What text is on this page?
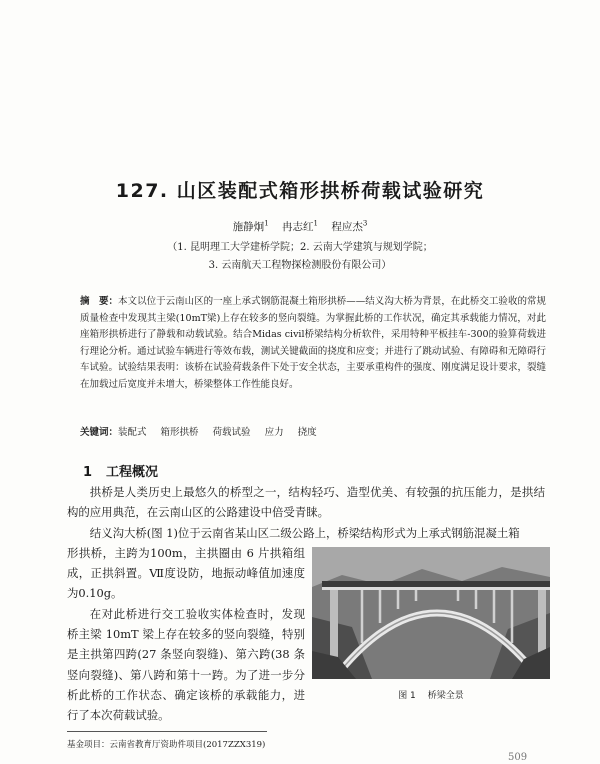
127. 山区装配式箱形拱桥荷载试验研究
施静炯$^1$ 冉志红$^1$ 程应杰$^3$
（1. 昆明理工大学建桥学院；2. 云南大学建筑与规划学院；
3. 云南航天工程物探检测股份有限公司）
摘　要：本文以位于云南山区的一座上承式钢筋混凝土箱形拱桥——结义沟大桥为背景，在此桥交工验收的常规质量检查中发现其主梁(10mT梁)上存在较多的竖向裂缝。为掌握此桥的工作状况，确定其承载能力情况，对此座箱形拱桥进行了静载和动载试验。结合Midas civil桥梁结构分析软件，采用特种平板挂车-300的验算荷载进行理论分析。通过试验车辆进行等效布载，测试关键截面的挠度和应变；并进行了跳动试验、有障碍和无障碍行车试验。试验结果表明：该桥在试验荷载条件下处于安全状态，主要承重构件的强度、刚度满足设计要求，裂缝在加载过后宽度并未增大，桥梁整体工作性能良好。
关键词：装配式 箱形拱桥 荷载试验 应力 挠度
1 工程概况
拱桥是人类历史上最悠久的桥型之一，结构轻巧、造型优美、有较强的抗压能力，是拱结构的应用典范，在云南山区的公路建设中倍受青睐。
结义沟大桥(图 1)位于云南省某山区二级公路上，桥梁结构形式为上承式钢筋混凝土箱
形拱桥，主跨为100m，主拱圈由 6 片拱箱组成，正拱斜置。Ⅶ度设防，地振动峰值加速度为0.10g。
在对此桥进行交工验收实体检查时，发现桥主梁 10mT 梁上存在较多的竖向裂缝，特别是主拱第四跨(27 条竖向裂缝)、第六跨(38 条竖向裂缝)、第八跨和第十一跨。为了进一步分析此桥的工作状态、确定该桥的承载能力，进行了本次荷载试验。
图 1 桥梁全景
基金项目：云南省教育厅资助件项目(2017ZZX319)
509
